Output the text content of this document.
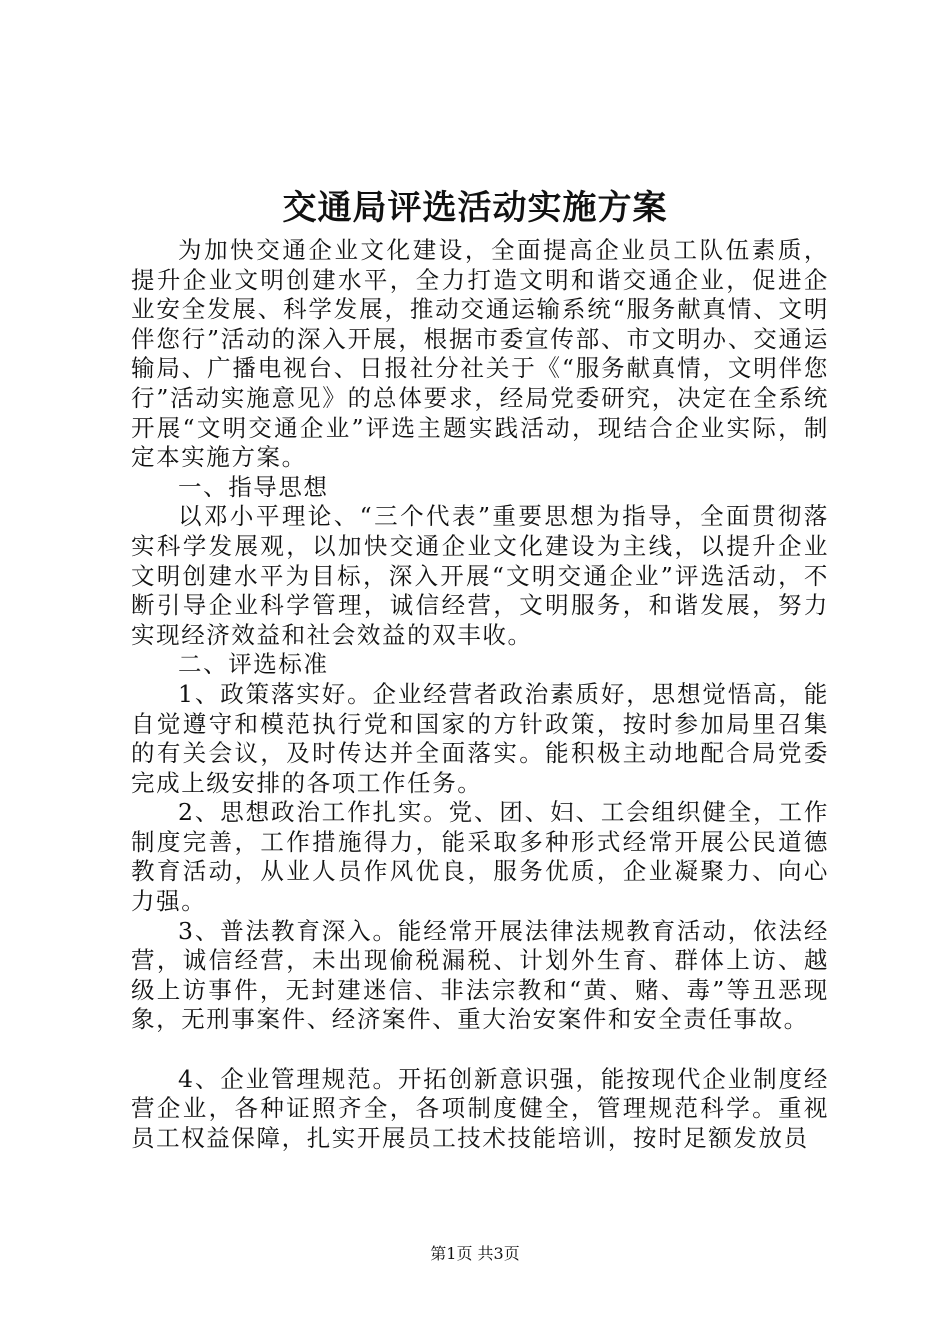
交通局评选活动实施方案

为加快交通企业文化建设，全面提高企业员工队伍素质，提升企业文明创建水平，全力打造文明和谐交通企业，促进企业安全发展、科学发展，推动交通运输系统“服务献真情、文明伴您行”活动的深入开展，根据市委宣传部、市文明办、交通运输局、广播电视台、日报社分社关于《“服务献真情，文明伴您行”活动实施意见》的总体要求，经局党委研究，决定在全系统开展“文明交通企业”评选主题实践活动，现结合企业实际，制定本实施方案。

一、指导思想

以邓小平理论、“三个代表”重要思想为指导，全面贯彻落实科学发展观，以加快交通企业文化建设为主线，以提升企业文明创建水平为目标，深入开展“文明交通企业”评选活动，不断引导企业科学管理，诚信经营，文明服务，和谐发展，努力实现经济效益和社会效益的双丰收。

二、评选标准

1、政策落实好。企业经营者政治素质好，思想觉悟高，能自觉遵守和模范执行党和国家的方针政策，按时参加局里召集的有关会议，及时传达并全面落实。能积极主动地配合局党委完成上级安排的各项工作任务。

2、思想政治工作扎实。党、团、妇、工会组织健全，工作制度完善，工作措施得力，能采取多种形式经常开展公民道德教育活动，从业人员作风优良，服务优质，企业凝聚力、向心力强。

3、普法教育深入。能经常开展法律法规教育活动，依法经营，诚信经营，未出现偷税漏税、计划外生育、群体上访、越级上访事件，无封建迷信、非法宗教和“黄、赌、毒”等丑恶现象，无刑事案件、经济案件、重大治安案件和安全责任事故。

4、企业管理规范。开拓创新意识强，能按现代企业制度经营企业，各种证照齐全，各项制度健全，管理规范科学。重视员工权益保障，扎实开展员工技术技能培训，按时足额发放员

第1页 共3页
